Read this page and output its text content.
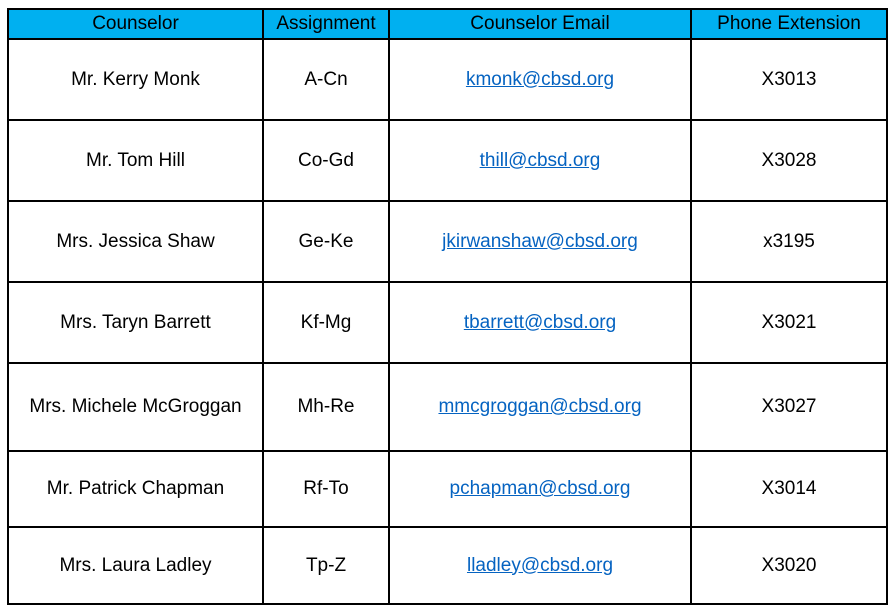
Counselor	Assignment	Counselor Email	Phone Extension
Mr. Kerry Monk	A-Cn	kmonk@cbsd.org	X3013
Mr. Tom Hill	Co-Gd	thill@cbsd.org	X3028
Mrs. Jessica Shaw	Ge-Ke	jkirwanshaw@cbsd.org	x3195
Mrs. Taryn Barrett	Kf-Mg	tbarrett@cbsd.org	X3021
Mrs. Michele McGroggan	Mh-Re	mmcgroggan@cbsd.org	X3027
Mr. Patrick Chapman	Rf-To	pchapman@cbsd.org	X3014
Mrs. Laura Ladley	Tp-Z	lladley@cbsd.org	X3020
